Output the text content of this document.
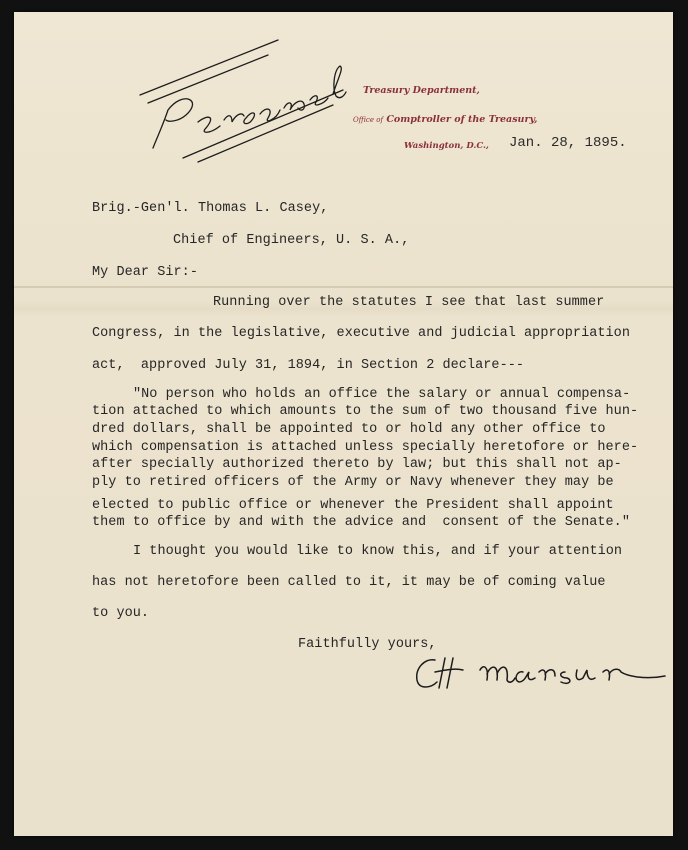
Treasury Department,
Office of Comptroller of the Treasury,
Washington, D.C., Jan. 28, 1895.
Brig.-Gen'l. Thomas L. Casey,
Chief of Engineers, U. S. A.,
My Dear Sir:-
Running over the statutes I see that last summer
Congress, in the legislative, executive and judicial appropriation
act,  approved July 31, 1894, in Section 2 declare---
"No person who holds an office the salary or annual compensa-
tion attached to which amounts to the sum of two thousand five hun-
dred dollars, shall be appointed to or hold any other office to
which compensation is attached unless specially heretofore or here-
after specially authorized thereto by law; but this shall not ap-
ply to retired officers of the Army or Navy whenever they may be
elected to public office or whenever the President shall appoint
them to office by and with the advice and  consent of the Senate."
I thought you would like to know this, and if your attention
has not heretofore been called to it, it may be of coming value
to you.
Faithfully yours,
